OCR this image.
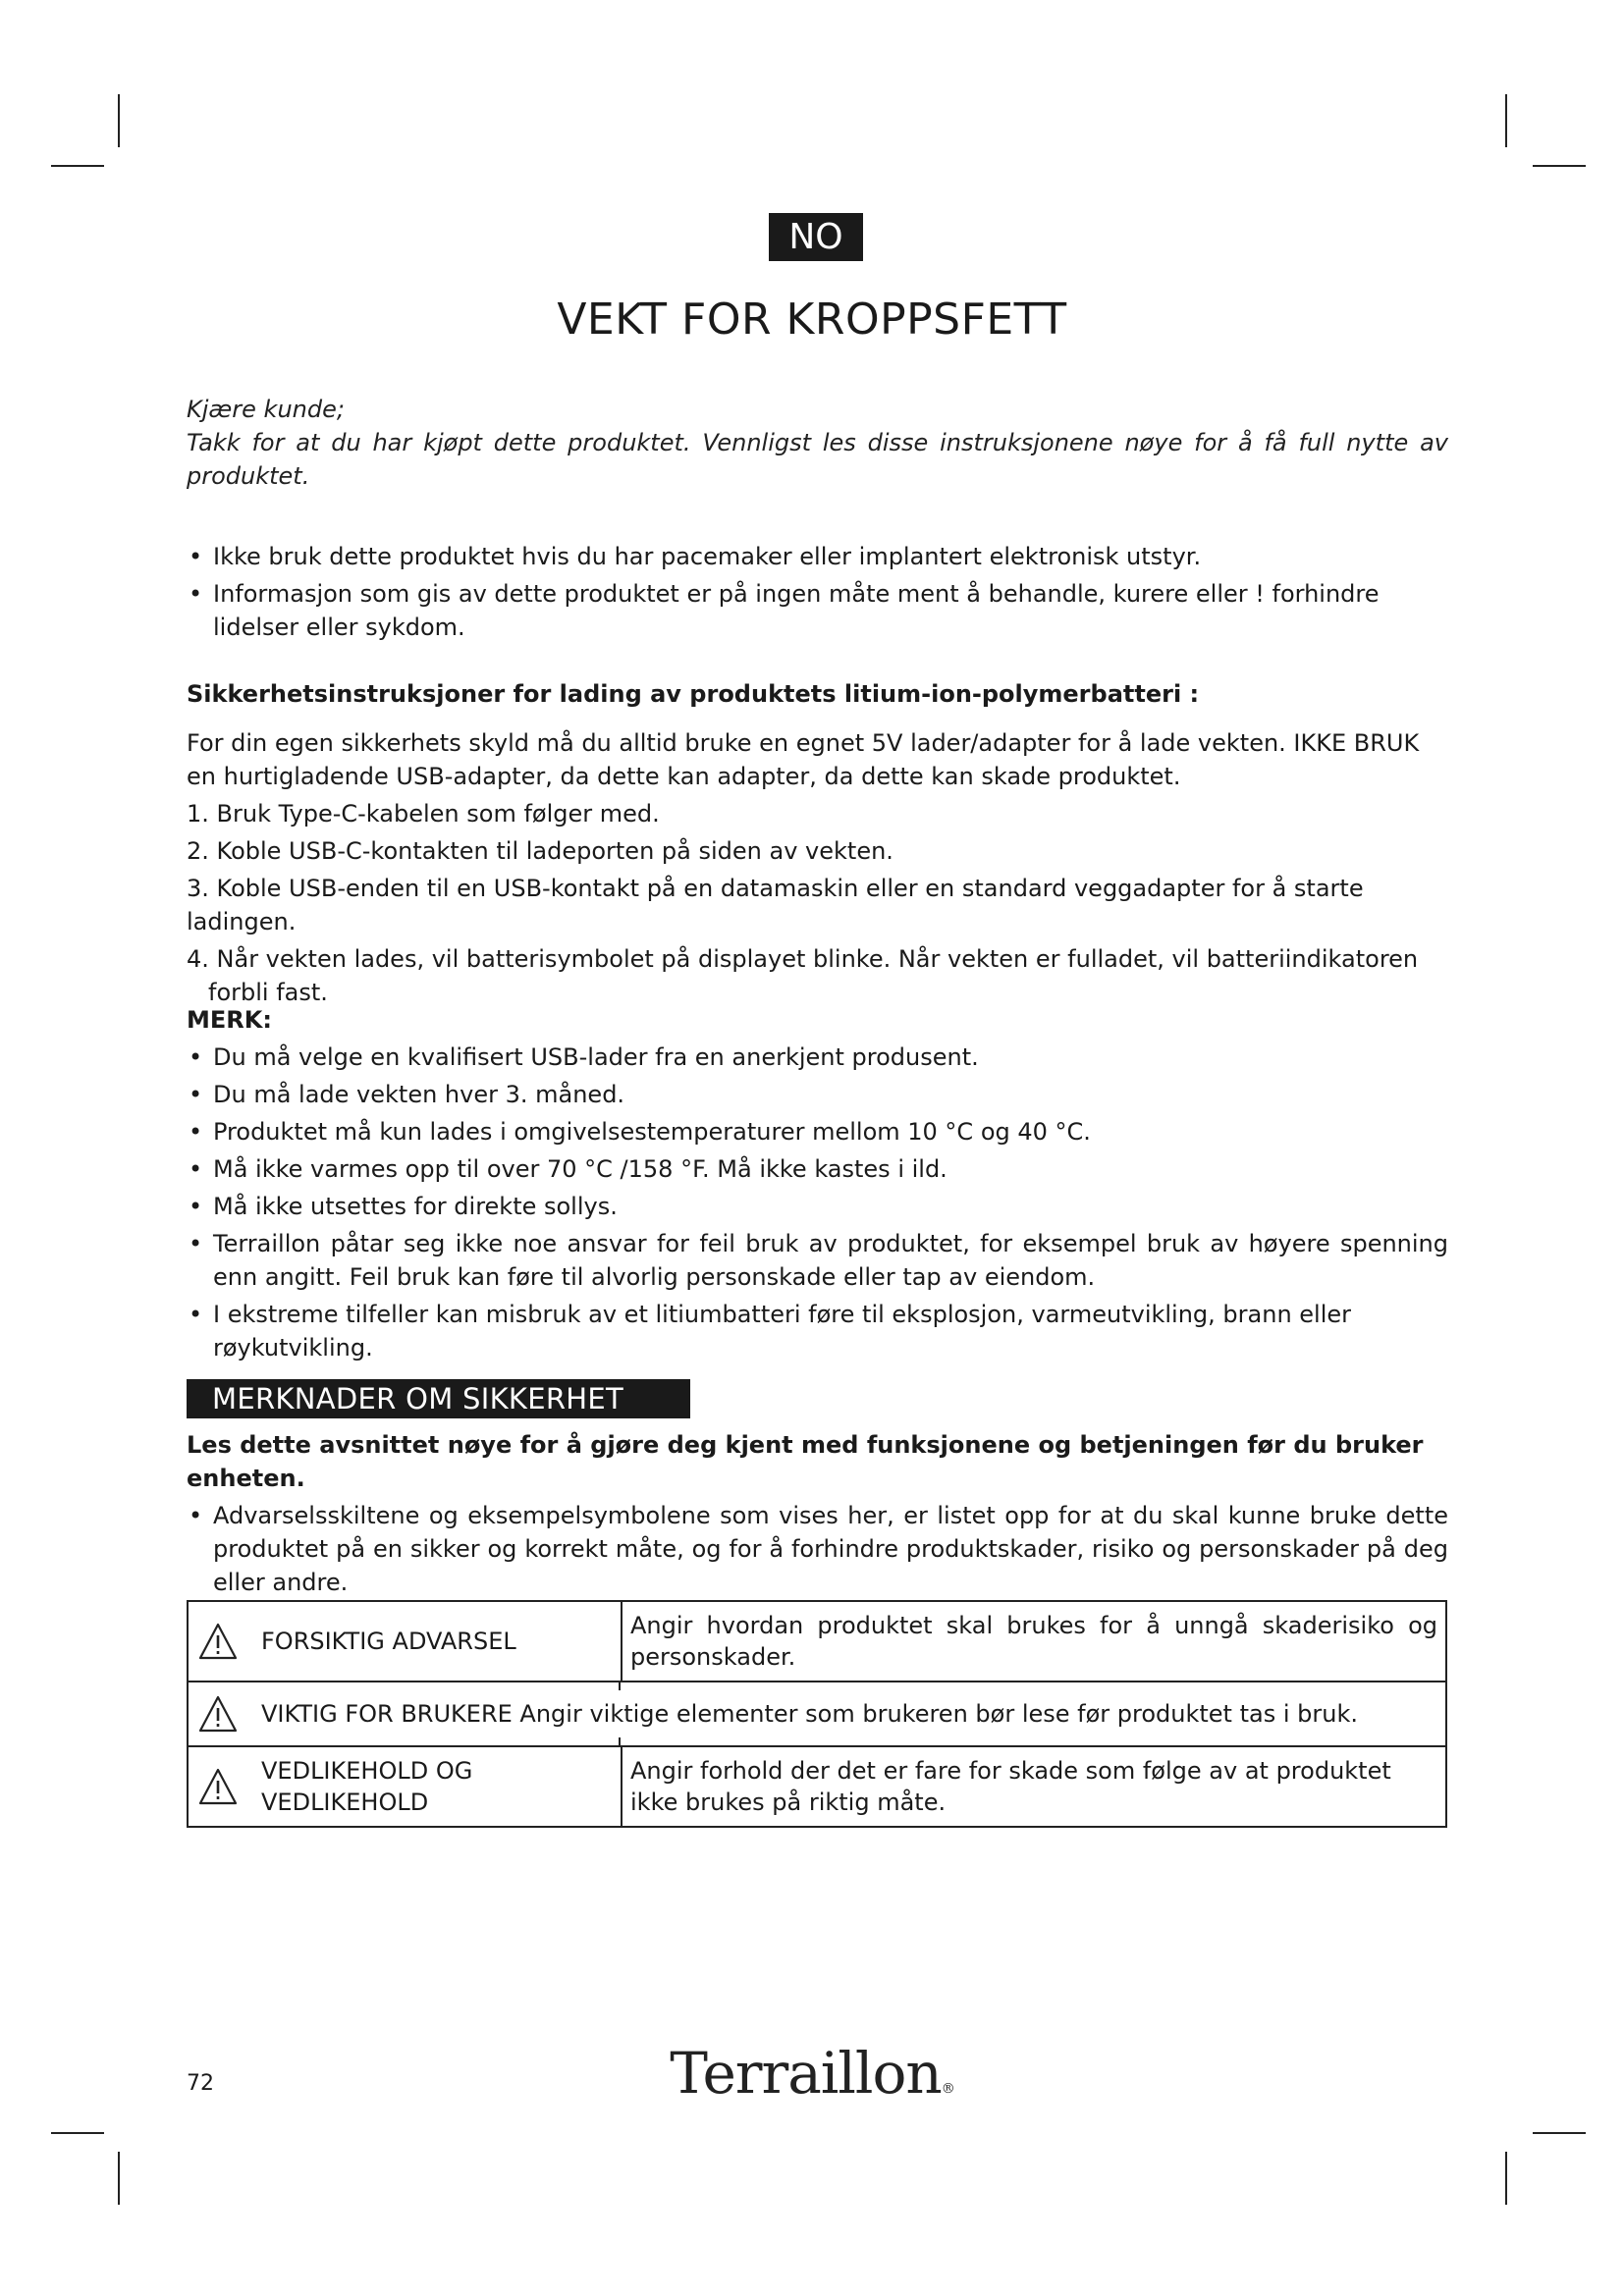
NO
VEKT FOR KROPPSFETT

Kjære kunde;

Takk for at du har kjøpt dette produktet. Vennligst les disse instruksjonene nøye for å få full nytte av produktet.

• Ikke bruk dette produktet hvis du har pacemaker eller implantert elektronisk utstyr.
• Informasjon som gis av dette produktet er på ingen måte ment å behandle, kurere eller ! forhindre lidelser eller sykdom.

Sikkerhetsinstruksjoner for lading av produktets litium-ion-polymerbatteri :

For din egen sikkerhets skyld må du alltid bruke en egnet 5V lader/adapter for å lade vekten. IKKE BRUK en hurtigladende USB-adapter, da dette kan adapter, da dette kan skade produktet.

1. Bruk Type-C-kabelen som følger med.

2. Koble USB-C-kontakten til ladeporten på siden av vekten.

3. Koble USB-enden til en USB-kontakt på en datamaskin eller en standard veggadapter for å starte ladingen.

4. Når vekten lades, vil batterisymbolet på displayet blinke. Når vekten er fulladet, vil batteriindikatoren forbli fast.

MERK:

• Du må velge en kvalifisert USB-lader fra en anerkjent produsent.
• Du må lade vekten hver 3. måned.
• Produktet må kun lades i omgivelsestemperaturer mellom 10 °C og 40 °C.
• Må ikke varmes opp til over 70 °C /158 °F. Må ikke kastes i ild.
• Må ikke utsettes for direkte sollys.
• Terraillon påtar seg ikke noe ansvar for feil bruk av produktet, for eksempel bruk av høyere spenning enn angitt. Feil bruk kan føre til alvorlig personskade eller tap av eiendom.
• I ekstreme tilfeller kan misbruk av et litiumbatteri føre til eksplosjon, varmeutvikling, brann eller røykutvikling.
MERKNADER OM SIKKERHET

Les dette avsnittet nøye for å gjøre deg kjent med funksjonene og betjeningen før du bruker enheten.

• Advarselsskiltene og eksempelsymbolene som vises her, er listet opp for at du skal kunne bruke dette produktet på en sikker og korrekt måte, og for å forhindre produktskader, risiko og personskader på deg eller andre.
FORSIKTIG ADVARSEL	Angir hvordan produktet skal brukes for å unngå skaderisiko og personskader.

VIKTIG FOR BRUKERE Angir viktige elementer som brukeren bør lese før produktet tas i bruk.	

VEDLIKEHOLD OG VEDLIKEHOLD	Angir forhold der det er fare for skade som følge av at produktet ikke brukes på riktig måte.
72	Terraillon®
